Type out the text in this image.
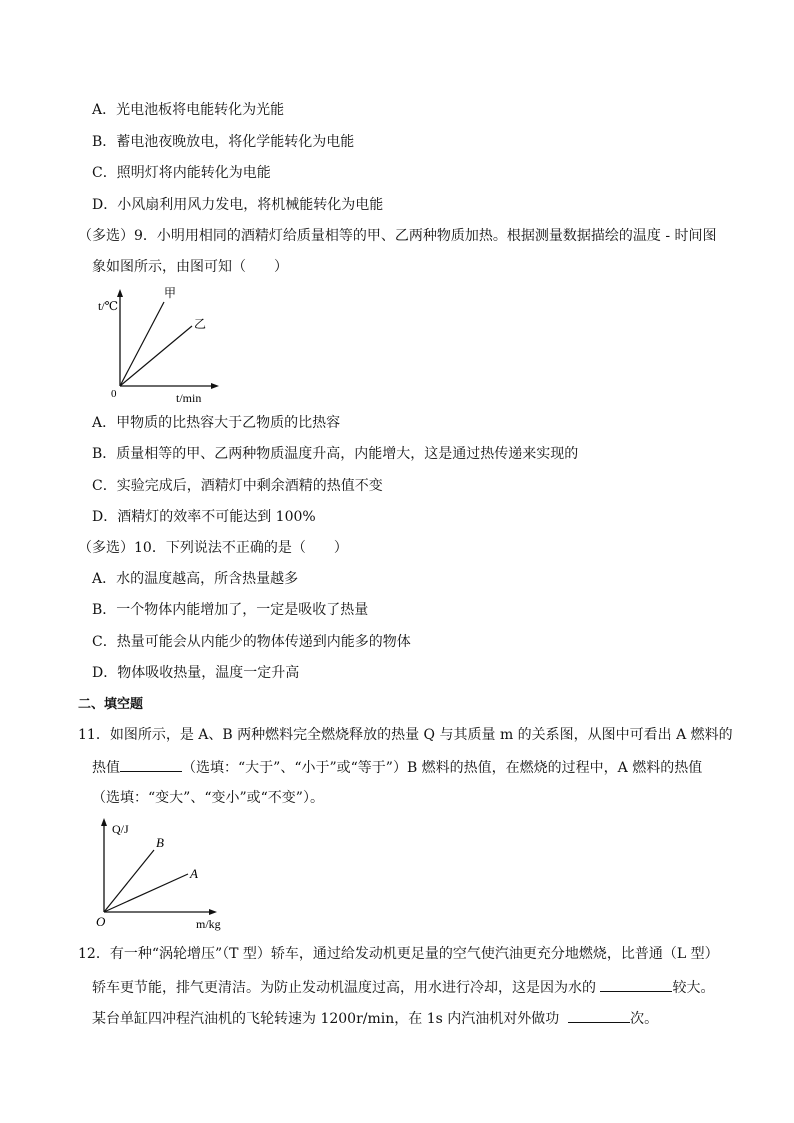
A．光电池板将电能转化为光能
B．蓄电池夜晚放电，将化学能转化为电能
C．照明灯将内能转化为电能
D．小风扇利用风力发电，将机械能转化为电能
（多选）9．小明用相同的酒精灯给质量相等的甲、乙两种物质加热。根据测量数据描绘的温度 - 时间图
象如图所示，由图可知（　　）
t/℃
t/min
0
甲
乙
A．甲物质的比热容大于乙物质的比热容
B．质量相等的甲、乙两种物质温度升高，内能增大，这是通过热传递来实现的
C．实验完成后，酒精灯中剩余酒精的热值不变
D．酒精灯的效率不可能达到 100%
（多选）10．下列说法不正确的是（　　）
A．水的温度越高，所含热量越多
B．一个物体内能增加了，一定是吸收了热量
C．热量可能会从内能少的物体传递到内能多的物体
D．物体吸收热量，温度一定升高
二、填空题
11．如图所示，是 A、B 两种燃料完全燃烧释放的热量 Q 与其质量 m 的关系图，从图中可看出 A 燃料的
热值	（选填：“大于”、“小于”或“等于”）B 燃料的热值，在燃烧的过程中，A 燃料的热值
（选填：“变大”、“变小”或“不变”）。
Q/J
m/kg
O
B
A
12．有一种“涡轮增压”（T 型）轿车，通过给发动机更足量的空气使汽油更充分地燃烧，比普通（L 型）
轿车更节能，排气更清洁。为防止发动机温度过高，用水进行冷却，这是因为水的	较大。
某台单缸四冲程汽油机的飞轮转速为 1200r/min，在 1s 内汽油机对外做功	次。
